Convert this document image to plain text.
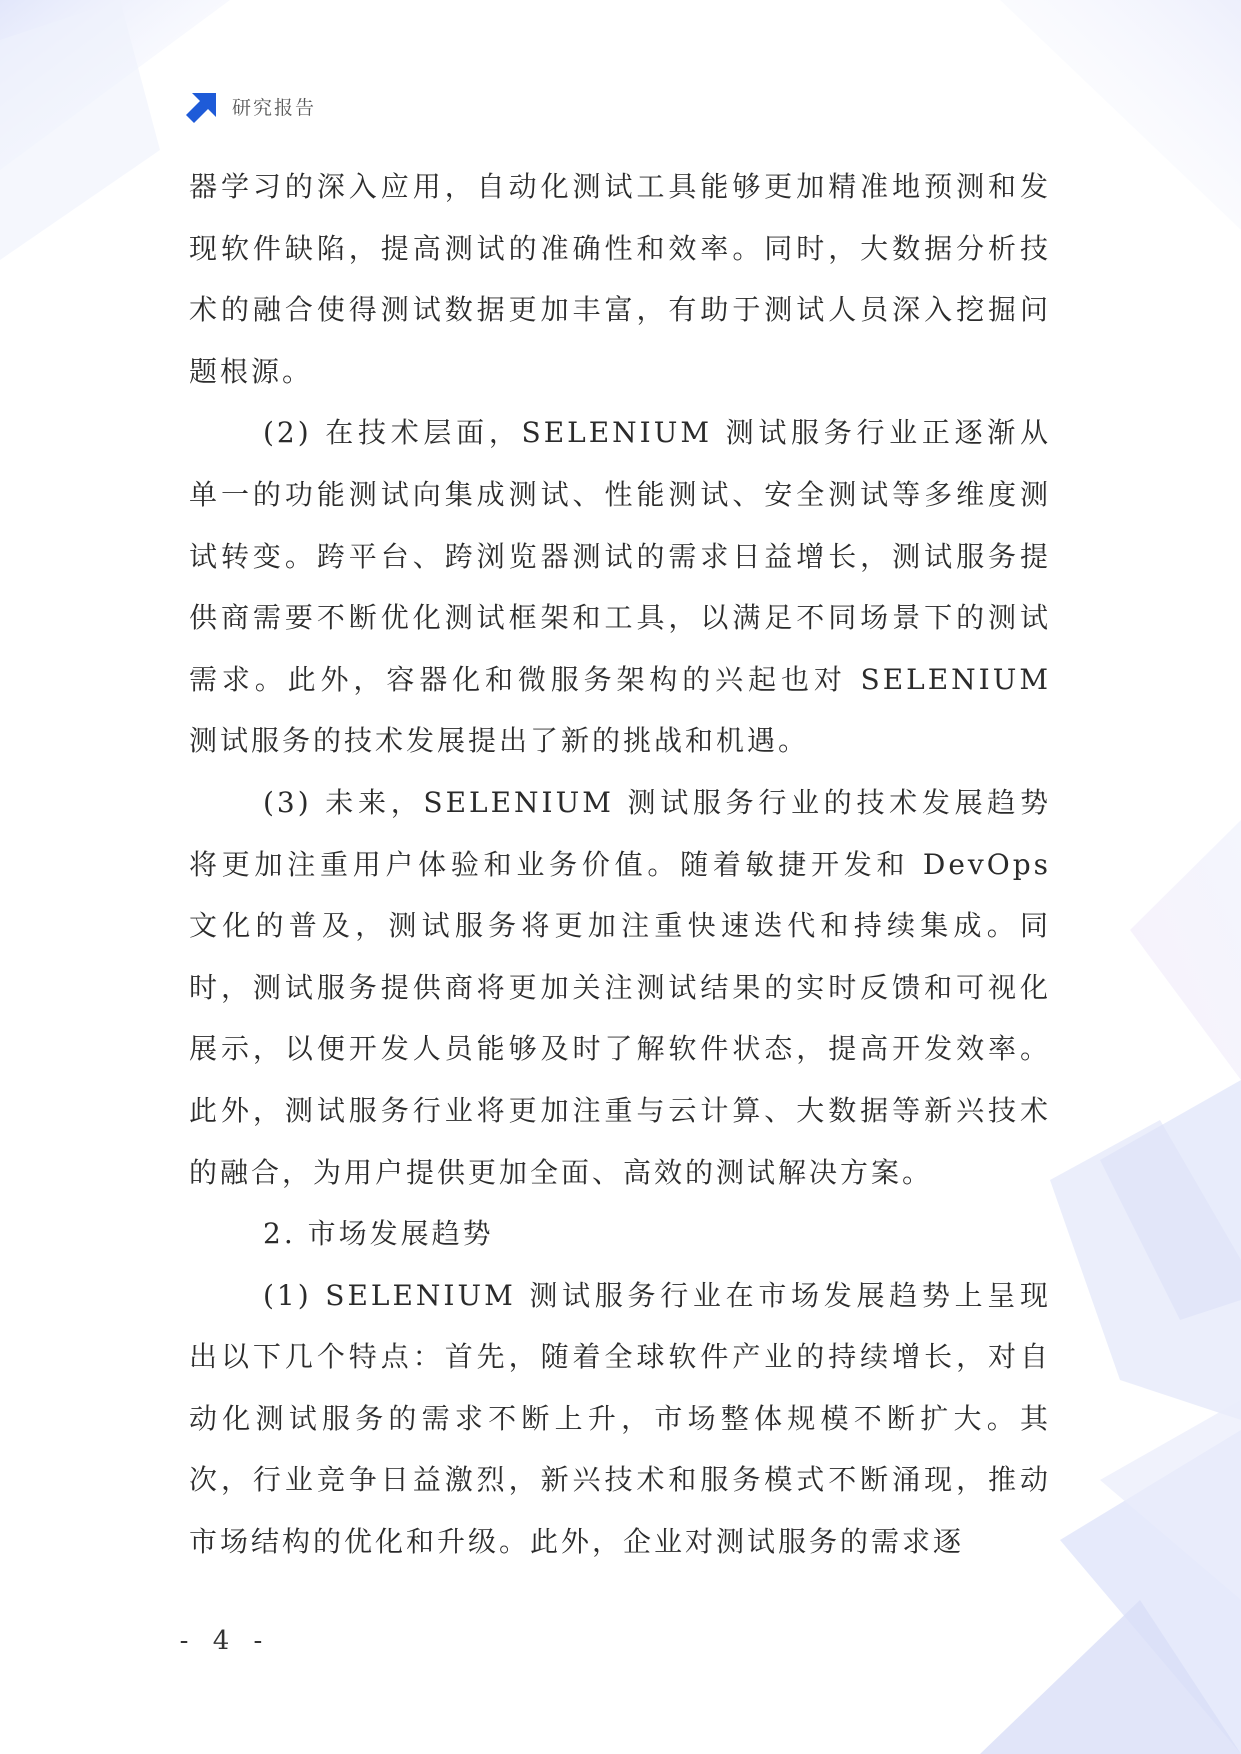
研究报告

器学习的深入应用，自动化测试工具能够更加精准地预测和发现软件缺陷，提高测试的准确性和效率。同时，大数据分析技术的融合使得测试数据更加丰富，有助于测试人员深入挖掘问题根源。

(2) 在技术层面，SELENIUM 测试服务行业正逐渐从单一的功能测试向集成测试、性能测试、安全测试等多维度测试转变。跨平台、跨浏览器测试的需求日益增长，测试服务提供商需要不断优化测试框架和工具，以满足不同场景下的测试需求。此外，容器化和微服务架构的兴起也对 SELENIUM 测试服务的技术发展提出了新的挑战和机遇。

(3) 未来，SELENIUM 测试服务行业的技术发展趋势将更加注重用户体验和业务价值。随着敏捷开发和 DevOps 文化的普及，测试服务将更加注重快速迭代和持续集成。同时，测试服务提供商将更加关注测试结果的实时反馈和可视化展示，以便开发人员能够及时了解软件状态，提高开发效率。此外，测试服务行业将更加注重与云计算、大数据等新兴技术的融合，为用户提供更加全面、高效的测试解决方案。

2. 市场发展趋势

(1) SELENIUM 测试服务行业在市场发展趋势上呈现出以下几个特点：首先，随着全球软件产业的持续增长，对自动化测试服务的需求不断上升，市场整体规模不断扩大。其次，行业竞争日益激烈，新兴技术和服务模式不断涌现，推动市场结构的优化和升级。此外，企业对测试服务的需求逐

- 4 -
